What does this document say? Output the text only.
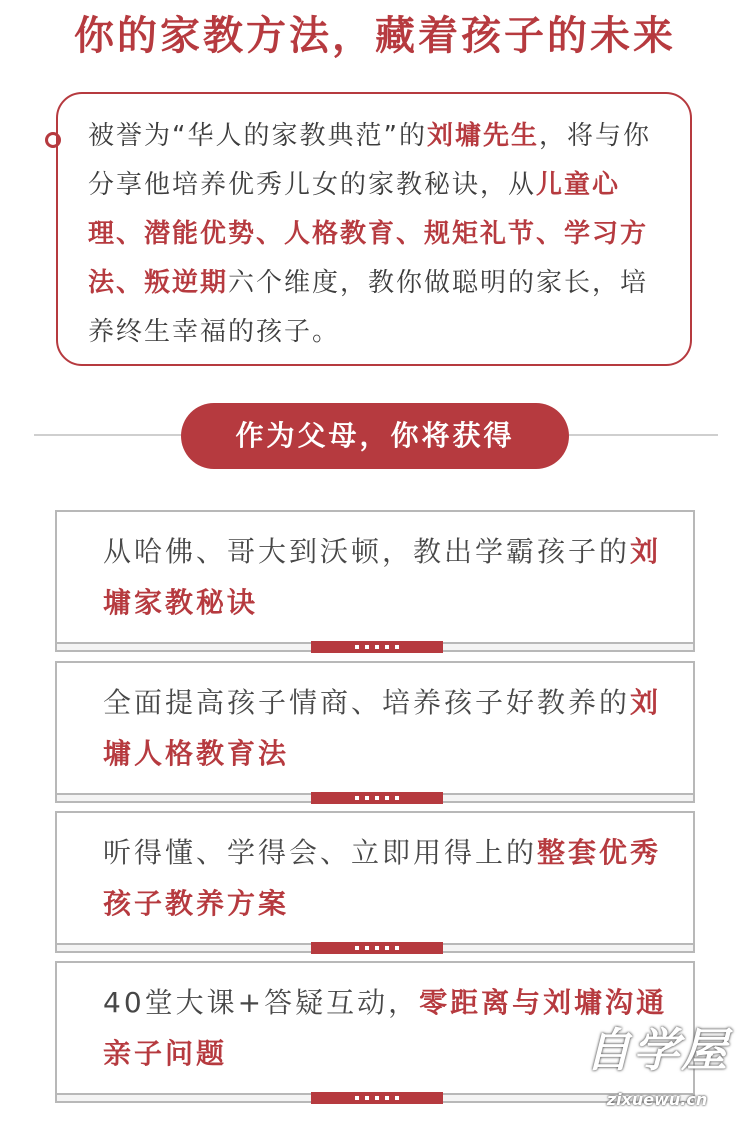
你的家教方法，藏着孩子的未来
被誉为“华人的家教典范”的刘墉先生，将与你分享他培养优秀儿女的家教秘诀，从儿童心理、潜能优势、人格教育、规矩礼节、学习方法、叛逆期六个维度，教你做聪明的家长，培养终生幸福的孩子。
作为父母，你将获得
从哈佛、哥大到沃顿，教出学霸孩子的刘墉家教秘诀
全面提高孩子情商、培养孩子好教养的刘墉人格教育法
听得懂、学得会、立即用得上的整套优秀孩子教养方案
40堂大课+答疑互动，零距离与刘墉沟通亲子问题	自学屋
zixuewu.cn
